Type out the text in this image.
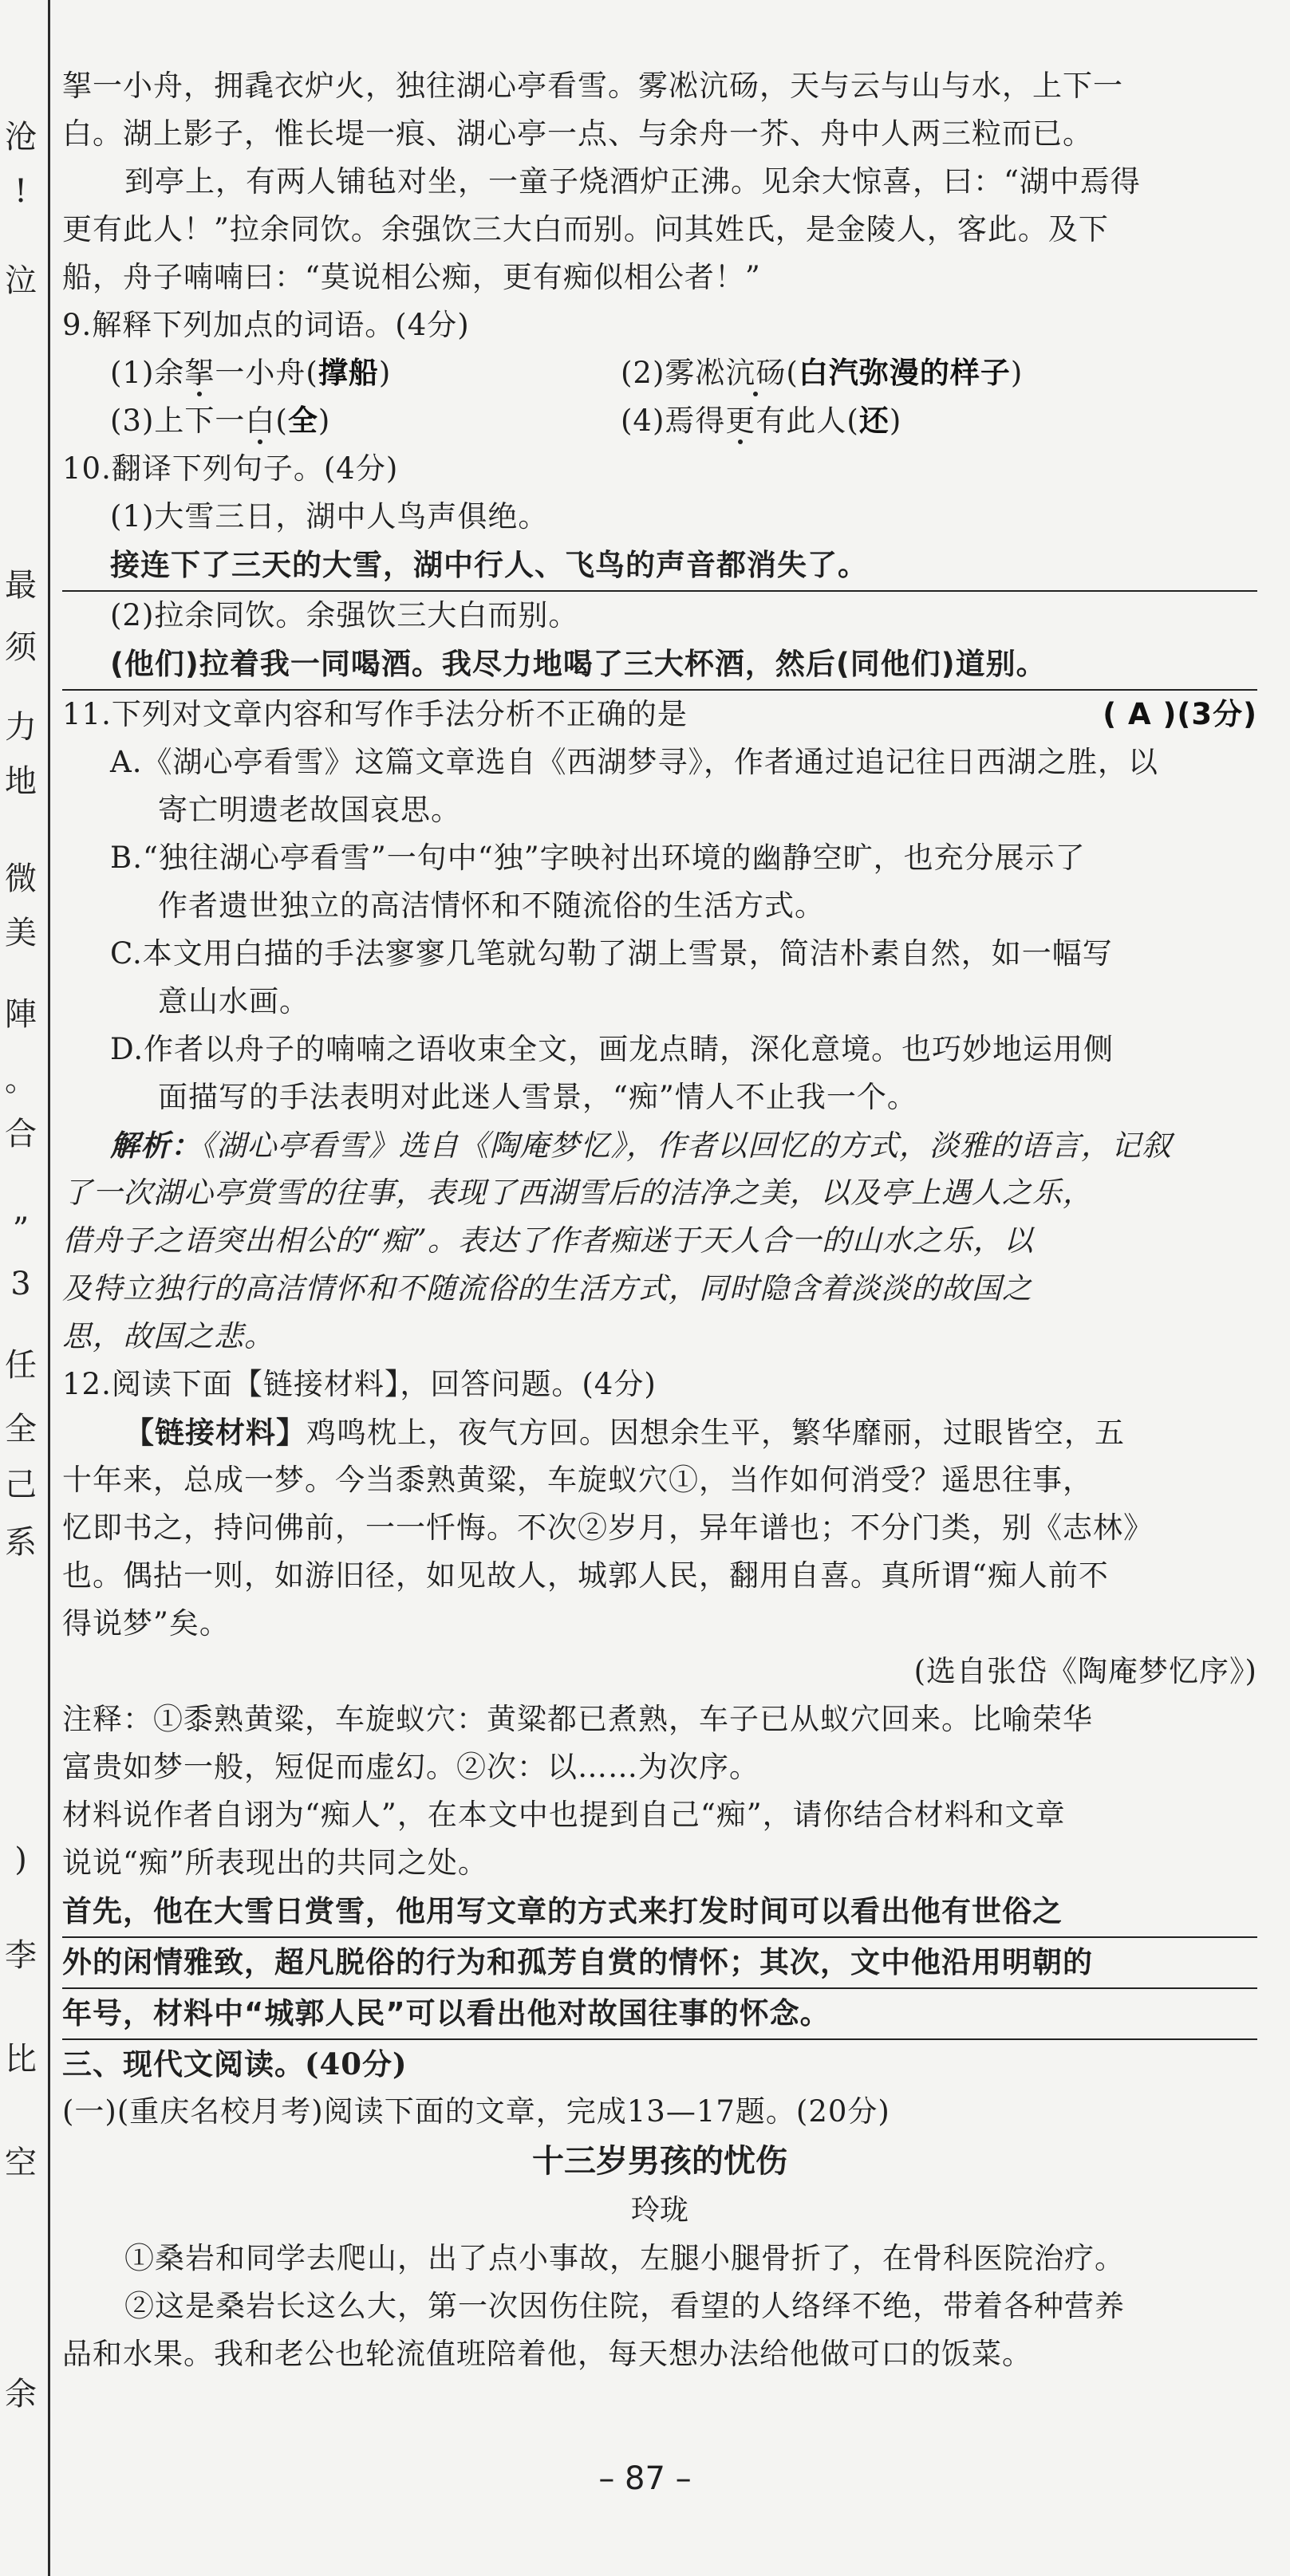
沧
!
泣
最
须
力
地
微
美
陣
。
合
”
3
任
全
己
系
)
李
比
空
余
挐一小舟，拥毳衣炉火，独往湖心亭看雪。雾凇沆砀，天与云与山与水，上下一
白。湖上影子，惟长堤一痕、湖心亭一点、与余舟一芥、舟中人两三粒而已。
到亭上，有两人铺毡对坐，一童子烧酒炉正沸。见余大惊喜，曰：“湖中焉得
更有此人！”拉余同饮。余强饮三大白而别。问其姓氏，是金陵人，客此。及下
船，舟子喃喃曰：“莫说相公痴，更有痴似相公者！”
9.解释下列加点的词语。(4分)
(1)余挐一小舟(撑船)	(2)雾凇沆砀(白汽弥漫的样子)
(3)上下一白(全)	(4)焉得更有此人(还)
10.翻译下列句子。(4分)
(1)大雪三日，湖中人鸟声俱绝。
接连下了三天的大雪，湖中行人、飞鸟的声音都消失了。
(2)拉余同饮。余强饮三大白而别。
(他们)拉着我一同喝酒。我尽力地喝了三大杯酒，然后(同他们)道别。
11.下列对文章内容和写作手法分析不正确的是	( A )(3分)
A.《湖心亭看雪》这篇文章选自《西湖梦寻》，作者通过追记往日西湖之胜，以
寄亡明遗老故国哀思。
B.“独往湖心亭看雪”一句中“独”字映衬出环境的幽静空旷，也充分展示了
作者遗世独立的高洁情怀和不随流俗的生活方式。
C.本文用白描的手法寥寥几笔就勾勒了湖上雪景，简洁朴素自然，如一幅写
意山水画。
D.作者以舟子的喃喃之语收束全文，画龙点睛，深化意境。也巧妙地运用侧
面描写的手法表明对此迷人雪景，“痴”情人不止我一个。
解析：《湖心亭看雪》选自《陶庵梦忆》，作者以回忆的方式，淡雅的语言，记叙
了一次湖心亭赏雪的往事，表现了西湖雪后的洁净之美，以及亭上遇人之乐，
借舟子之语突出相公的“痴”。表达了作者痴迷于天人合一的山水之乐，以
及特立独行的高洁情怀和不随流俗的生活方式，同时隐含着淡淡的故国之
思，故国之悲。
12.阅读下面【链接材料】，回答问题。(4分)
【链接材料】鸡鸣枕上，夜气方回。因想余生平，繁华靡丽，过眼皆空，五
十年来，总成一梦。今当黍熟黄粱，车旋蚁穴①，当作如何消受？遥思往事，
忆即书之，持问佛前，一一忏悔。不次②岁月，异年谱也；不分门类，别《志林》
也。偶拈一则，如游旧径，如见故人，城郭人民，翻用自喜。真所谓“痴人前不
得说梦”矣。
(选自张岱《陶庵梦忆序》)
注释：①黍熟黄粱，车旋蚁穴：黄粱都已煮熟，车子已从蚁穴回来。比喻荣华
富贵如梦一般，短促而虚幻。②次：以……为次序。
材料说作者自诩为“痴人”，在本文中也提到自己“痴”，请你结合材料和文章
说说“痴”所表现出的共同之处。
首先，他在大雪日赏雪，他用写文章的方式来打发时间可以看出他有世俗之
外的闲情雅致，超凡脱俗的行为和孤芳自赏的情怀；其次，文中他沿用明朝的
年号，材料中“城郭人民”可以看出他对故国往事的怀念。
三、现代文阅读。(40分)
(一)(重庆名校月考)阅读下面的文章，完成13—17题。(20分)
十三岁男孩的忧伤
玲珑
①桑岩和同学去爬山，出了点小事故，左腿小腿骨折了，在骨科医院治疗。
②这是桑岩长这么大，第一次因伤住院，看望的人络绎不绝，带着各种营养
品和水果。我和老公也轮流值班陪着他，每天想办法给他做可口的饭菜。
– 87 –
